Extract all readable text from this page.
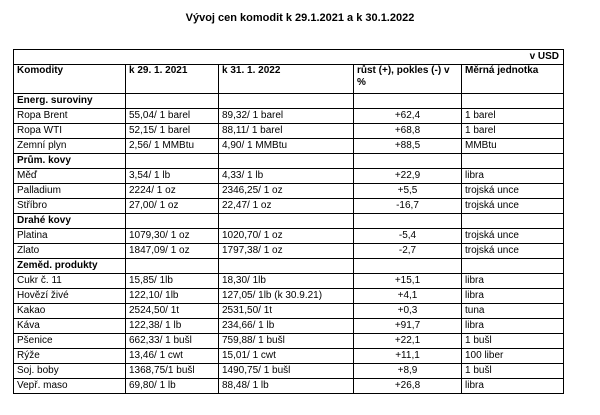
Vývoj cen komodit k 29.1.2021 a k 30.1.2022
v USD				
Komodity	k 29. 1. 2021	k 31. 1. 2022	růst (+), pokles (-) v %	Měrná jednotka
Energ. suroviny				
Ropa Brent	55,04/ 1 barel	89,32/ 1 barel	+62,4	1 barel
Ropa WTI	52,15/ 1 barel	88,11/ 1 barel	+68,8	1 barel
Zemní plyn	2,56/ 1 MMBtu	4,90/ 1 MMBtu	+88,5	MMBtu
Prům. kovy				
Měď	3,54/ 1 lb	4,33/ 1 lb	+22,9	libra
Palladium	2224/ 1 oz	2346,25/ 1 oz	+5,5	trojská unce
Stříbro	27,00/ 1 oz	22,47/ 1 oz	-16,7	trojská unce
Drahé kovy				
Platina	1079,30/ 1 oz	1020,70/ 1 oz	-5,4	trojská unce
Zlato	1847,09/ 1 oz	1797,38/ 1 oz	-2,7	trojská unce
Zeměd. produkty				
Cukr č. 11	15,85/ 1lb	18,30/ 1lb	+15,1	libra
Hovězí živé	122,10/ 1lb	127,05/ 1lb (k 30.9.21)	+4,1	libra
Kakao	2524,50/ 1t	2531,50/ 1t	+0,3	tuna
Káva	122,38/ 1 lb	234,66/ 1 lb	+91,7	libra
Pšenice	662,33/ 1 bušl	759,88/ 1 bušl	+22,1	1 bušl
Rýže	13,46/ 1 cwt	15,01/ 1 cwt	+11,1	100 liber
Soj. boby	1368,75/1 bušl	1490,75/ 1 bušl	+8,9	1 bušl
Vepř. maso	69,80/ 1 lb	88,48/ 1 lb	+26,8	libra
